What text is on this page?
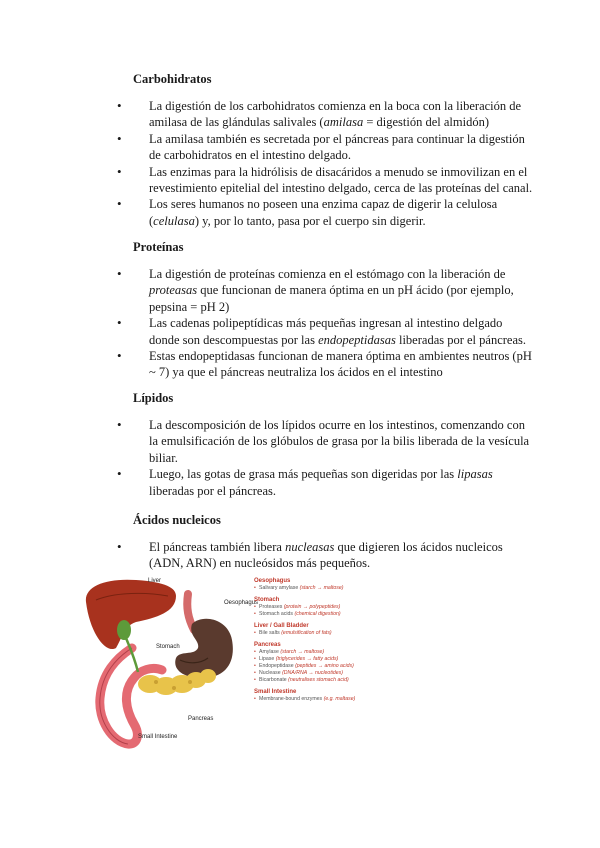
Carbohidratos
• La digestión de los carbohidratos comienza en la boca con la liberación de amilasa de las glándulas salivales (amilasa = digestión del almidón)
• La amilasa también es secretada por el páncreas para continuar la digestión de carbohidratos en el intestino delgado.
• Las enzimas para la hidrólisis de disacáridos a menudo se inmovilizan en el revestimiento epitelial del intestino delgado, cerca de las proteínas del canal.
• Los seres humanos no poseen una enzima capaz de digerir la celulosa (celulasa) y, por lo tanto, pasa por el cuerpo sin digerir.
Proteínas
• La digestión de proteínas comienza en el estómago con la liberación de proteasas que funcionan de manera óptima en un pH ácido (por ejemplo, pepsina = pH 2)
• Las cadenas polipeptídicas más pequeñas ingresan al intestino delgado donde son descompuestas por las endopeptidasas liberadas por el páncreas.
• Estas endopeptidasas funcionan de manera óptima en ambientes neutros (pH ~ 7) ya que el páncreas neutraliza los ácidos en el intestino
Lípidos
• La descomposición de los lípidos ocurre en los intestinos, comenzando con la emulsificación de los glóbulos de grasa por la bilis liberada de la vesícula biliar.
• Luego, las gotas de grasa más pequeñas son digeridas por las lipasas liberadas por el páncreas.
Ácidos nucleicos
• El páncreas también libera nucleasas que digieren los ácidos nucleicos (ADN, ARN) en nucleósidos más pequeños.
Liver
Oesophagus
Stomach
Pancreas
Small Intestine
Oesophagus
• Salivary amylase (starch → maltose)
Stomach
• Proteases (protein → polypeptides)
• Stomach acids (chemical digestion)
Liver / Gall Bladder
• Bile salts (emulsification of fats)
Pancreas
• Amylase (starch → maltose)
• Lipase (triglycerides → fatty acids)
• Endopeptidase (peptides → amino acids)
• Nuclease (DNA/RNA → nucleotides)
• Bicarbonate (neutralises stomach acid)
Small Intestine
• Membrane-bound enzymes (e.g. maltase)
